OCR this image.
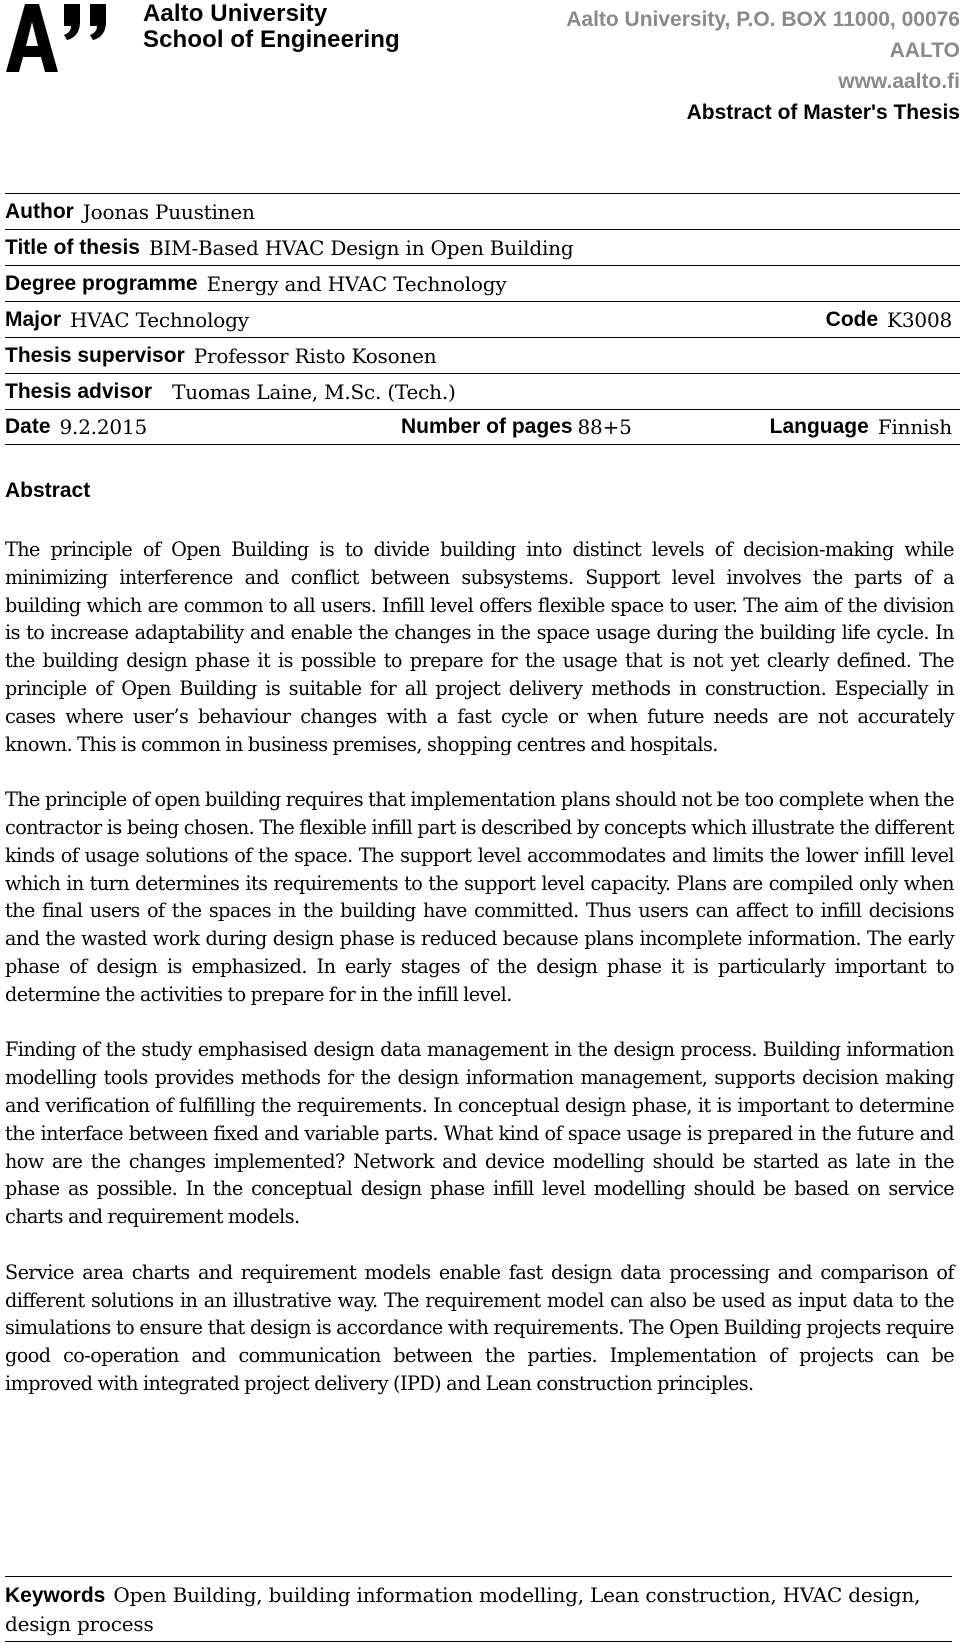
Aalto University
School of Engineering
Aalto University, P.O. BOX 11000, 00076
AALTO
www.aalto.fi
Abstract of Master's Thesis
Author Joonas Puustinen
Title of thesis BIM-Based HVAC Design in Open Building
Degree programme Energy and HVAC Technology
Major HVAC Technology	Code K3008
Thesis supervisor Professor Risto Kosonen
Thesis advisor Tuomas Laine, M.Sc. (Tech.)
Date 9.2.2015	Number of pages 88+5	Language Finnish
Abstract

The principle of Open Building is to divide building into distinct levels of decision-making while minimizing interference and conflict between subsystems. Support level involves the parts of a building which are common to all users. Infill level offers flexible space to user. The aim of the division is to increase adaptability and enable the changes in the space usage during the building life cycle. In the building design phase it is possible to prepare for the usage that is not yet clearly defined. The principle of Open Building is suitable for all project delivery methods in construction. Especially in cases where user’s behaviour changes with a fast cycle or when future needs are not accurately known. This is common in business premises, shopping centres and hospitals.

The principle of open building requires that implementation plans should not be too complete when the contractor is being chosen. The flexible infill part is described by concepts which illustrate the different kinds of usage solutions of the space. The support level accommodates and limits the lower infill level which in turn determines its requirements to the support level capacity. Plans are compiled only when the final users of the spaces in the building have committed. Thus users can affect to infill decisions and the wasted work during design phase is reduced because plans incomplete information. The early phase of design is emphasized. In early stages of the design phase it is particularly important to determine the activities to prepare for in the infill level.

Finding of the study emphasised design data management in the design process. Building information modelling tools provides methods for the design information management, supports decision making and verification of fulfilling the requirements. In conceptual design phase, it is important to determine the interface between fixed and variable parts. What kind of space usage is prepared in the future and how are the changes implemented? Network and device modelling should be started as late in the phase as possible. In the conceptual design phase infill level modelling should be based on service charts and requirement models.

Service area charts and requirement models enable fast design data processing and comparison of different solutions in an illustrative way. The requirement model can also be used as input data to the simulations to ensure that design is accordance with requirements. The Open Building projects require good co-operation and communication between the parties. Implementation of projects can be improved with integrated project delivery (IPD) and Lean construction principles.

Keywords Open Building, building information modelling, Lean construction, HVAC design, design process
